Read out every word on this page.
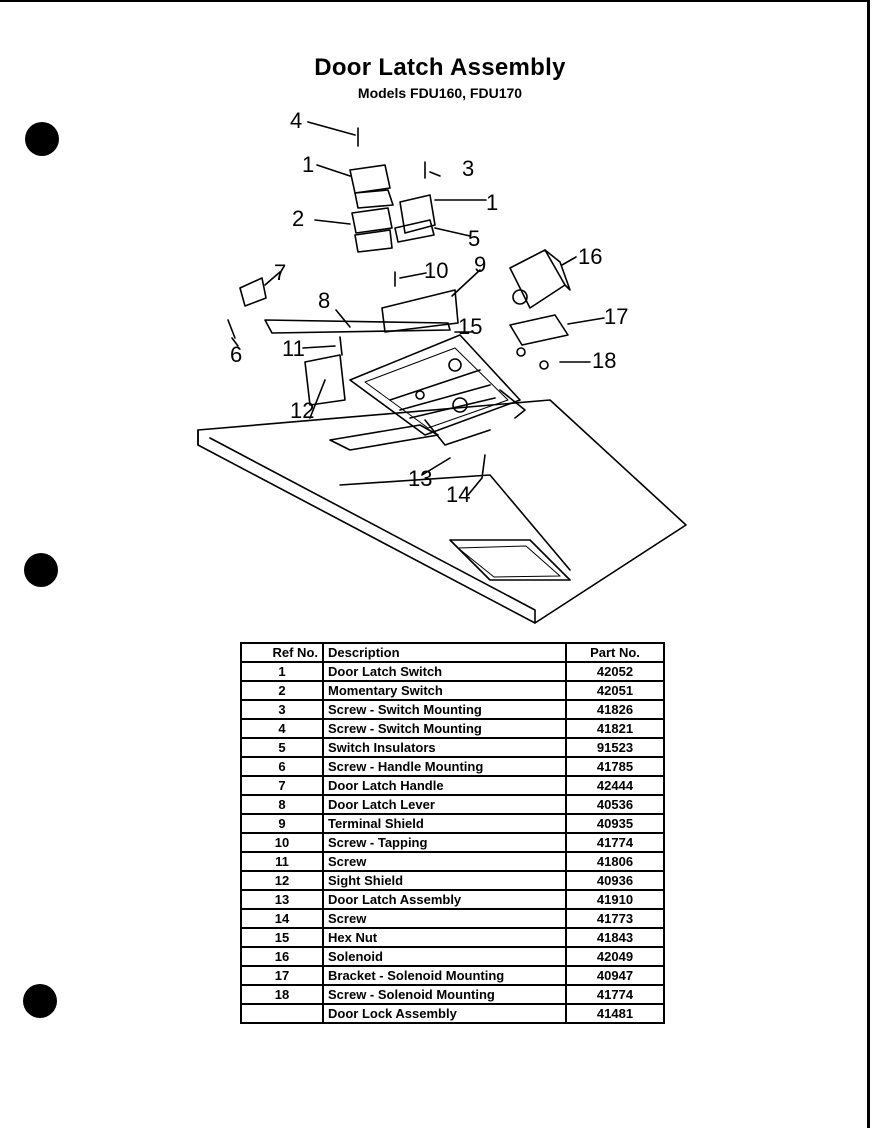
Door Latch Assembly
Models FDU160, FDU170
4
1	3
1
2
5
16
7	10 9
8
15	17
6 11	18
12
13
14
Ref No.	Description	Part No.
1	Door Latch Switch	42052
2	Momentary Switch	42051
3	Screw - Switch Mounting	41826
4	Screw - Switch Mounting	41821
5	Switch Insulators	91523
6	Screw - Handle Mounting	41785
7	Door Latch Handle	42444
8	Door Latch Lever	40536
9	Terminal Shield	40935
10	Screw - Tapping	41774
11	Screw	41806
12	Sight Shield	40936
13	Door Latch Assembly	41910
14	Screw	41773
15	Hex Nut	41843
16	Solenoid	42049
17	Bracket - Solenoid Mounting	40947
18	Screw - Solenoid Mounting	41774
	Door Lock Assembly	41481
